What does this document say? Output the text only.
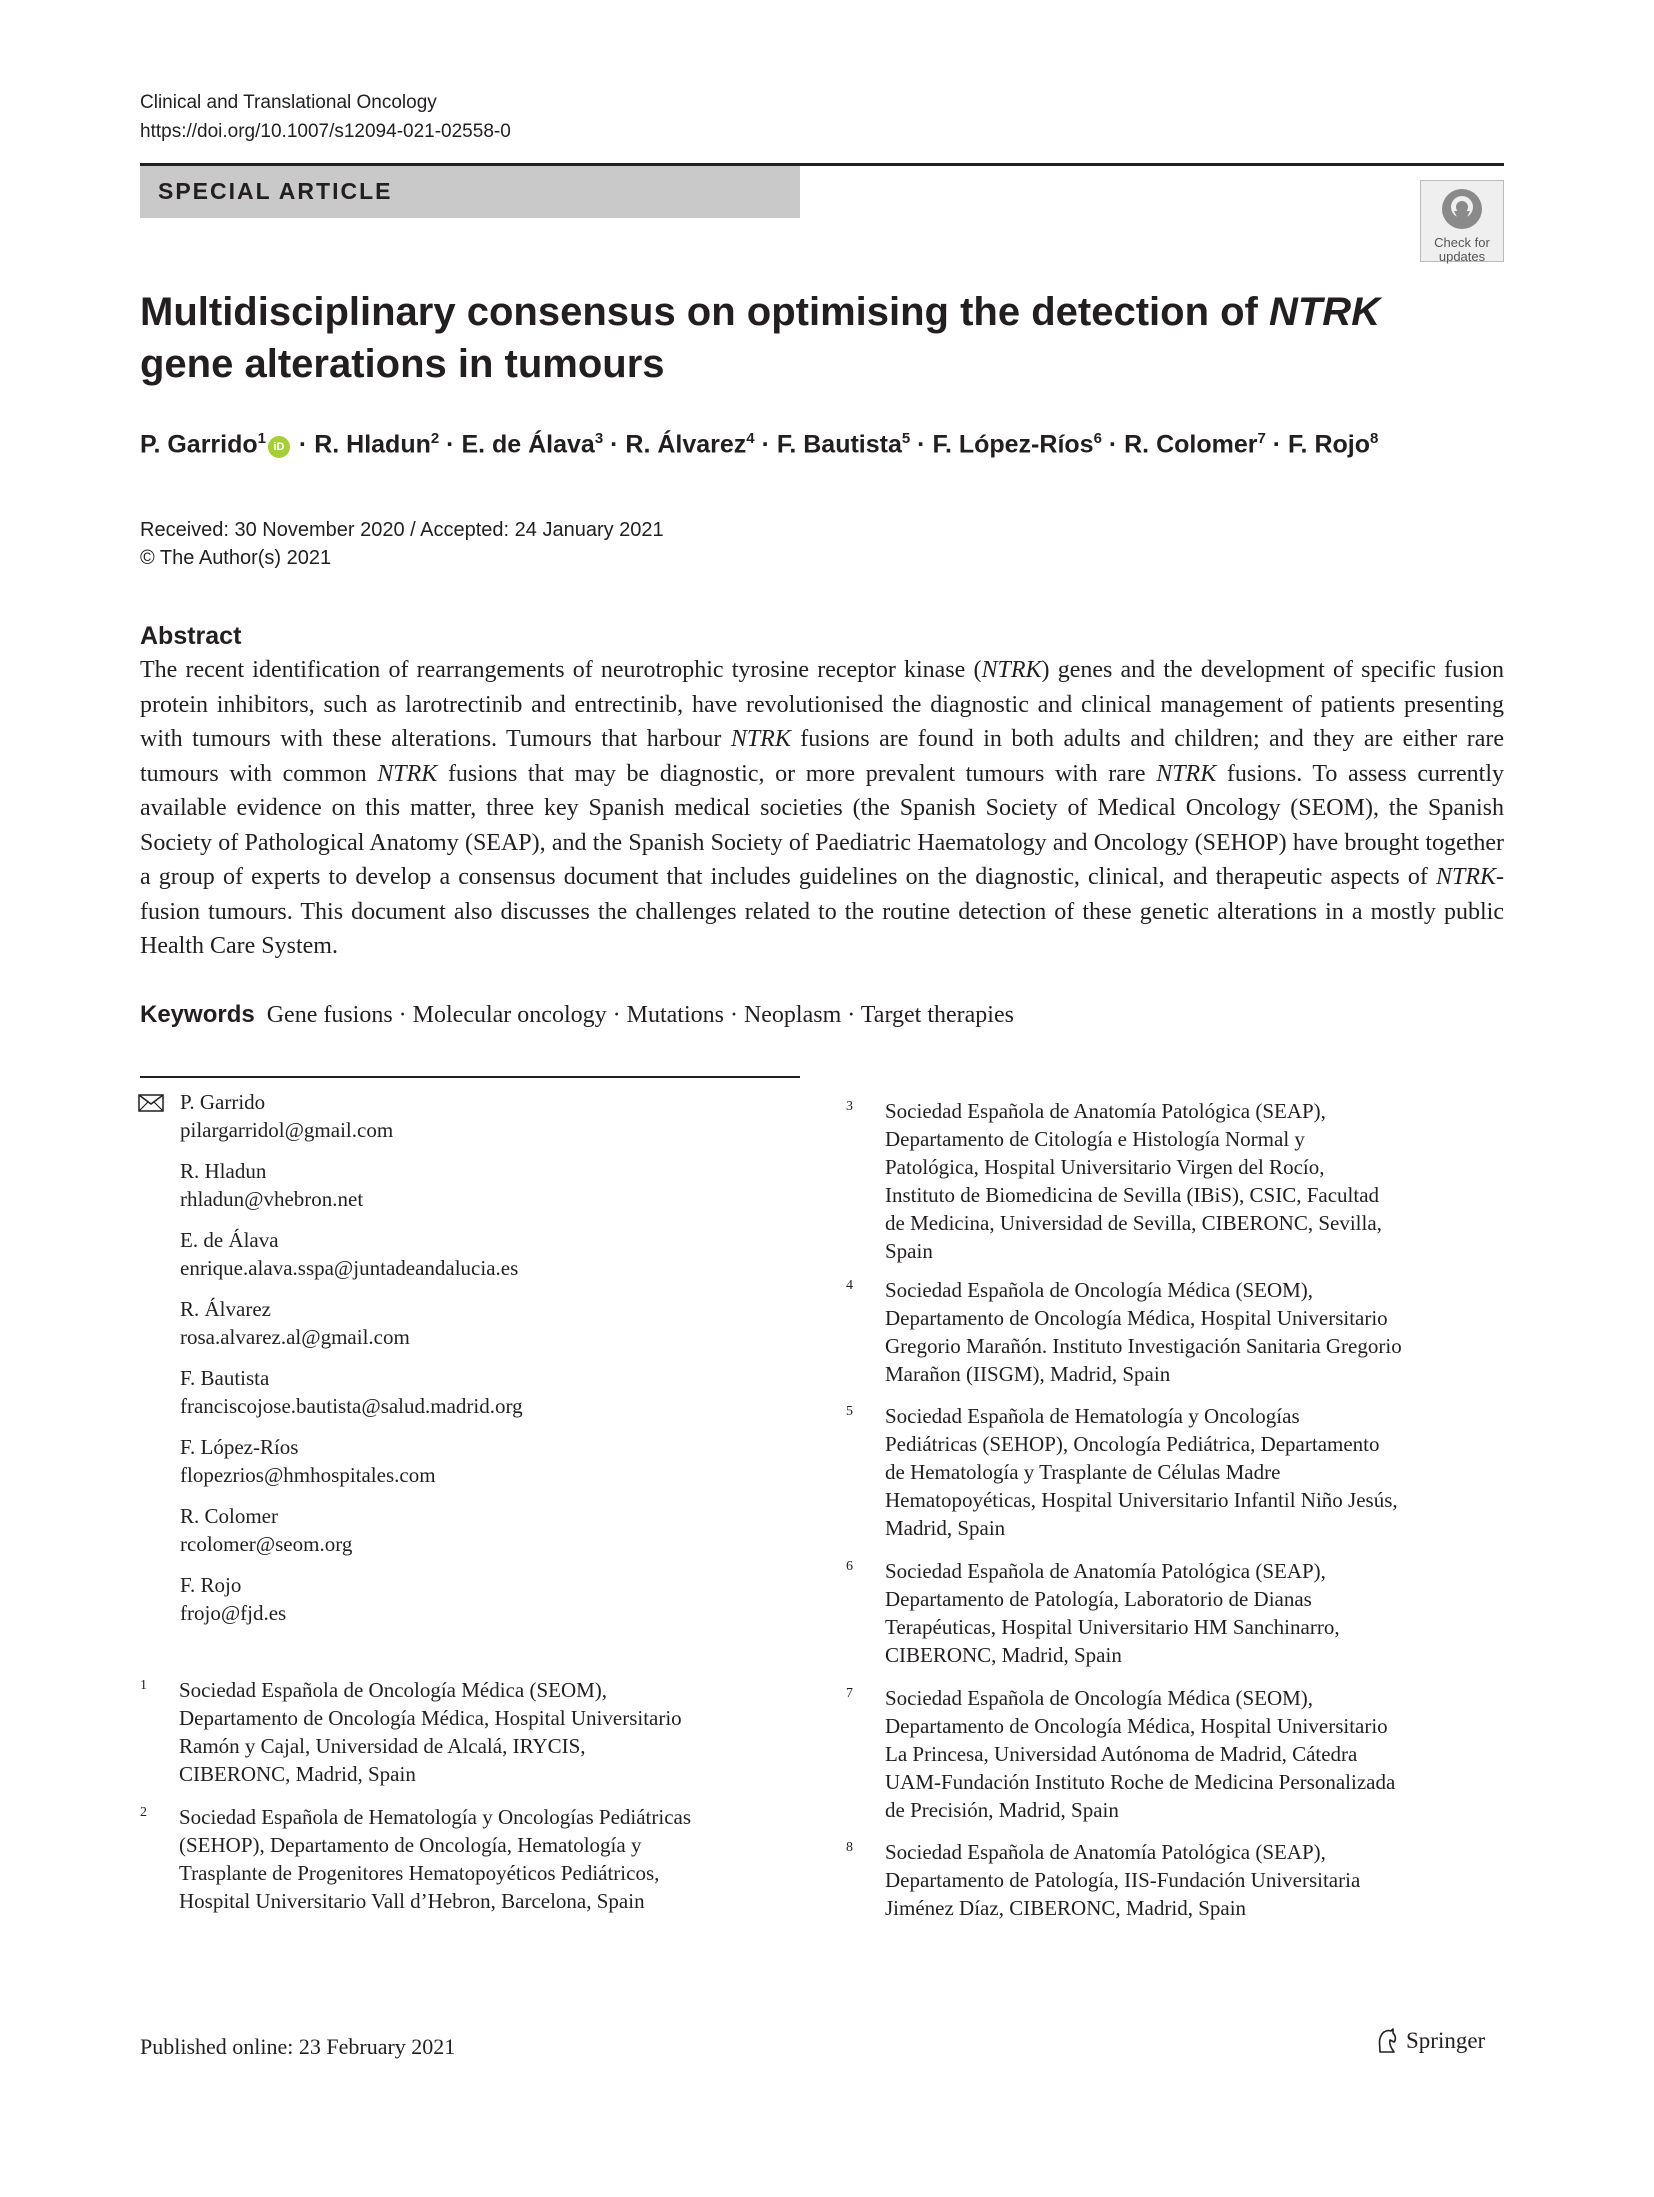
Clinical and Translational Oncology
https://doi.org/10.1007/s12094-021-02558-0
SPECIAL ARTICLE
Check for
updates
Multidisciplinary consensus on optimising the detection of NTRK gene alterations in tumours
P. Garrido$^1$iD · R. Hladun$^2$ · E. de Álava$^3$ · R. Álvarez$^4$ · F. Bautista$^5$ · F. López-Ríos$^6$ · R. Colomer$^7$ · F. Rojo$^8$
Received: 30 November 2020 / Accepted: 24 January 2021
© The Author(s) 2021
Abstract
The recent identification of rearrangements of neurotrophic tyrosine receptor kinase (NTRK) genes and the development of specific fusion protein inhibitors, such as larotrectinib and entrectinib, have revolutionised the diagnostic and clinical management of patients presenting with tumours with these alterations. Tumours that harbour NTRK fusions are found in both adults and children; and they are either rare tumours with common NTRK fusions that may be diagnostic, or more prevalent tumours with rare NTRK fusions. To assess currently available evidence on this matter, three key Spanish medical societies (the Spanish Society of Medical Oncology (SEOM), the Spanish Society of Pathological Anatomy (SEAP), and the Spanish Society of Paediatric Haematology and Oncology (SEHOP) have brought together a group of experts to develop a consensus document that includes guidelines on the diagnostic, clinical, and therapeutic aspects of NTRK-fusion tumours. This document also discusses the challenges related to the routine detection of these genetic alterations in a mostly public Health Care System.
Keywords Gene fusions · Molecular oncology · Mutations · Neoplasm · Target therapies
P. Garrido
pilargarridol@gmail.com
R. Hladun
rhladun@vhebron.net
E. de Álava
enrique.alava.sspa@juntadeandalucia.es
R. Álvarez
rosa.alvarez.al@gmail.com
F. Bautista
franciscojose.bautista@salud.madrid.org
F. López-Ríos
flopezrios@hmhospitales.com
R. Colomer
rcolomer@seom.org
F. Rojo
frojo@fjd.es
1 Sociedad Española de Oncología Médica (SEOM),
Departamento de Oncología Médica, Hospital Universitario
Ramón y Cajal, Universidad de Alcalá, IRYCIS,
CIBERONC, Madrid, Spain
2 Sociedad Española de Hematología y Oncologías Pediátricas
(SEHOP), Departamento de Oncología, Hematología y
Trasplante de Progenitores Hematopoyéticos Pediátricos,
Hospital Universitario Vall d’Hebron, Barcelona, Spain
3 Sociedad Española de Anatomía Patológica (SEAP),
Departamento de Citología e Histología Normal y
Patológica, Hospital Universitario Virgen del Rocío,
Instituto de Biomedicina de Sevilla (IBiS), CSIC, Facultad
de Medicina, Universidad de Sevilla, CIBERONC, Sevilla,
Spain
4 Sociedad Española de Oncología Médica (SEOM),
Departamento de Oncología Médica, Hospital Universitario
Gregorio Marañón. Instituto Investigación Sanitaria Gregorio
Marañon (IISGM), Madrid, Spain
5 Sociedad Española de Hematología y Oncologías
Pediátricas (SEHOP), Oncología Pediátrica, Departamento
de Hematología y Trasplante de Células Madre
Hematopoyéticas, Hospital Universitario Infantil Niño Jesús,
Madrid, Spain
6 Sociedad Española de Anatomía Patológica (SEAP),
Departamento de Patología, Laboratorio de Dianas
Terapéuticas, Hospital Universitario HM Sanchinarro,
CIBERONC, Madrid, Spain
7 Sociedad Española de Oncología Médica (SEOM),
Departamento de Oncología Médica, Hospital Universitario
La Princesa, Universidad Autónoma de Madrid, Cátedra
UAM-Fundación Instituto Roche de Medicina Personalizada
de Precisión, Madrid, Spain
8 Sociedad Española de Anatomía Patológica (SEAP),
Departamento de Patología, IIS-Fundación Universitaria
Jiménez Díaz, CIBERONC, Madrid, Spain
Published online: 23 February 2021	Springer
